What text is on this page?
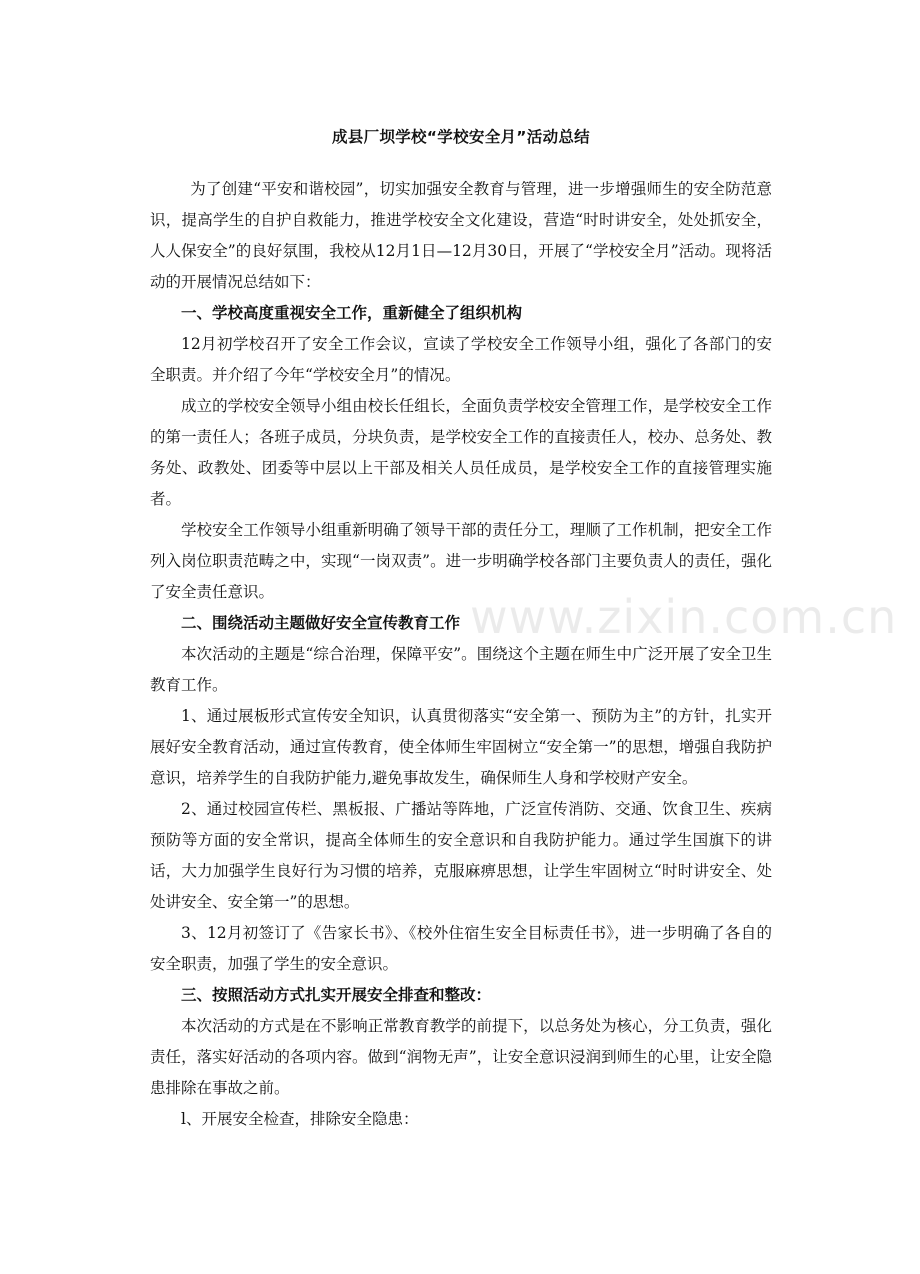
成县厂坝学校“学校安全月”活动总结

为了创建“平安和谐校园”，切实加强安全教育与管理，进一步增强师生的安全防范意识，提高学生的自护自救能力，推进学校安全文化建设，营造“时时讲安全，处处抓安全，人人保安全”的良好氛围，我校从12月1日—12月30日，开展了“学校安全月”活动。现将活动的开展情况总结如下：

一、学校高度重视安全工作，重新健全了组织机构

12月初学校召开了安全工作会议，宣读了学校安全工作领导小组，强化了各部门的安全职责。并介绍了今年“学校安全月”的情况。

成立的学校安全领导小组由校长任组长，全面负责学校安全管理工作，是学校安全工作的第一责任人；各班子成员，分块负责，是学校安全工作的直接责任人，校办、总务处、教务处、政教处、团委等中层以上干部及相关人员任成员，是学校安全工作的直接管理实施者。

学校安全工作领导小组重新明确了领导干部的责任分工，理顺了工作机制，把安全工作列入岗位职责范畴之中，实现“一岗双责”。进一步明确学校各部门主要负责人的责任，强化了安全责任意识。

二、围绕活动主题做好安全宣传教育工作

本次活动的主题是“综合治理，保障平安”。围绕这个主题在师生中广泛开展了安全卫生教育工作。

1、通过展板形式宣传安全知识，认真贯彻落实“安全第一、预防为主”的方针，扎实开展好安全教育活动，通过宣传教育，使全体师生牢固树立“安全第一”的思想，增强自我防护意识，培养学生的自我防护能力,避免事故发生，确保师生人身和学校财产安全。

2、通过校园宣传栏、黑板报、广播站等阵地，广泛宣传消防、交通、饮食卫生、疾病预防等方面的安全常识，提高全体师生的安全意识和自我防护能力。通过学生国旗下的讲话，大力加强学生良好行为习惯的培养，克服麻痹思想，让学生牢固树立“时时讲安全、处处讲安全、安全第一”的思想。

3、12月初签订了《告家长书》、《校外住宿生安全目标责任书》，进一步明确了各自的安全职责，加强了学生的安全意识。

三、按照活动方式扎实开展安全排查和整改：

本次活动的方式是在不影响正常教育教学的前提下，以总务处为核心，分工负责，强化责任，落实好活动的各项内容。做到“润物无声”，让安全意识浸润到师生的心里，让安全隐患排除在事故之前。

l、开展安全检查，排除安全隐患：

www.zixin.com.cn
